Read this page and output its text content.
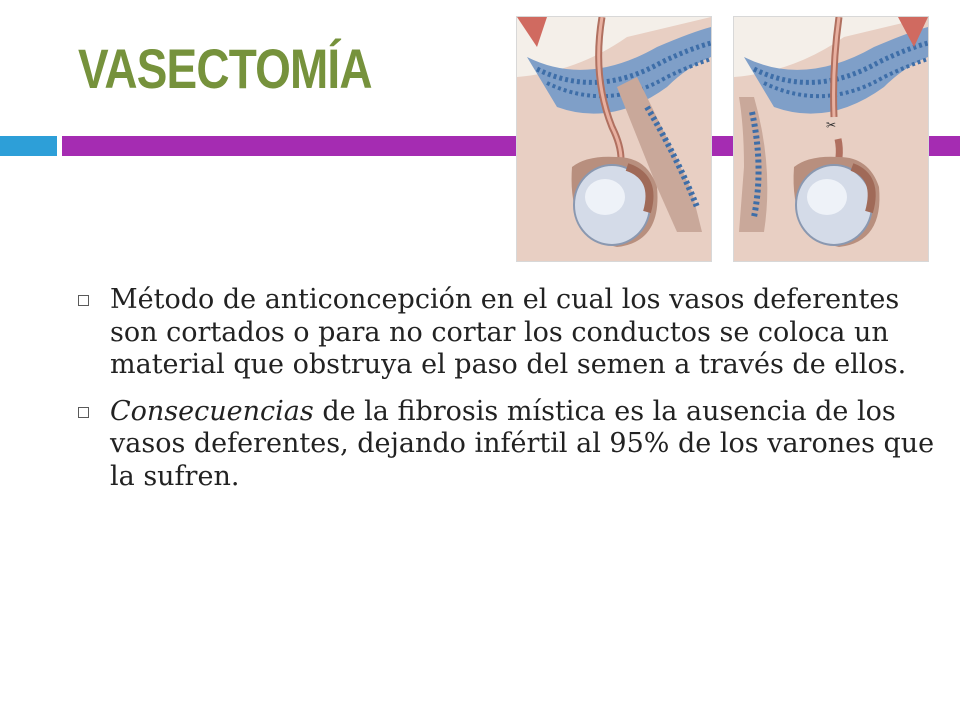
VASECTOMÍA
✂
Método de anticoncepción en el cual los vasos deferentes son cortados o para no cortar los conductos se coloca un material que obstruya el paso del semen a través de ellos.
Consecuencias de la fibrosis mística es la ausencia de los vasos deferentes, dejando infértil al 95% de los varones que la sufren.
